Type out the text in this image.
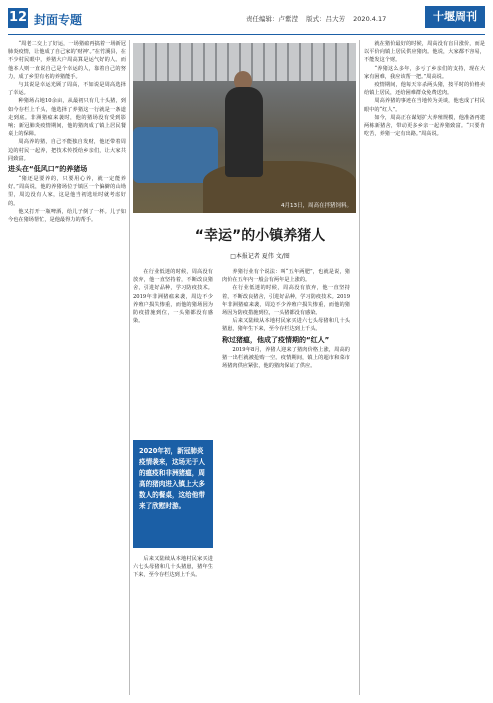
12 封面专题	责任编辑：卢紫滢 版式：吕大芳 2020.4.17	十堰周刊

“周老二交上了好运，一场猪瘟再搞着一场新冠肺炎疫情，让他成了自己家的‘财神’。”在竹溪县，在不少村民眼中，养猪大户周高算是运气好的人。而他本人则一直说自己是个幸运的人，靠着自己的努力，成了乡里有名的养猪能手。

与其说是幸运光顾了周高，不如说是周高选择了幸运。

种猪场占地10余亩，从最初只有几十头猪，到如今存栏上千头，他选择了养猪这一行就是一条道走到底。非洲猪瘟来袭时，他的猪场没有受到影响；新冠肺炎疫情期间，他的猪肉成了镇上居民餐桌上的保障。

周高养的猪，自己不能独自发财，他还带着周边的村民一起养，把技术传授给乡亲们，让大家共同致富。

进头在“低风口”的养猪场

“猪还是要养的，只要用心养，就一定能养好。”周高说，他的养猪场位于镇区一个偏僻的山坳里，周边没有人家，这是他当初选址时就考虑好的。

他又打开一瓶啤酒，给儿子倒了一杯。儿子如今也在猪场帮忙，是他最得力的帮手。

4月13日，周高在拌猪饲料。
“幸运”的小镇养猪人
□本报记者 夏伟 文/图

养猪行业有个说法：叫“五年两肥”，也就是说，猪肉价在五年内一般会有两年是上涨的。

在行业低迷的时候，周高没有放弃，他一直坚持着，不断改良猪舍，引进好品种，学习防疫技术。2019年非洲猪瘟来袭，周边不少养殖户损失惨重，而他的猪场因为防疫措施到位，一头猪都没有感染。

后来又陆续从本地村民家买进六七头母猪和几十头猪崽，猪年生下来，至今存栏达到上千头。

称过猪瘟，他成了疫情期的“红人”

2019年8月，养猪人迎来了猪肉价格上涨，周高的猪一出栏就被抢购一空。疫情期间，镇上的超市和菜市场猪肉供应紧张，他的猪肉保证了供应。

2020年初，新冠肺炎疫情袭来，这场无于人的瘟疫和非洲猪瘟，周高的猪肉进入镇上大多数人的餐桌，这给他带来了欣慰时游。

在行业低迷的时候，周高没有放弃，他一直坚持着，不断改良猪舍，引进好品种，学习防疫技术。2019年非洲猪瘟来袭，周边不少养殖户损失惨重，而他的猪场因为防疫措施到位，一头猪都没有感染。

后来又陆续从本地村民家买进六七头母猪和几十头猪崽，猪年生下来，至今存栏达到上千头。

就在猪价最好的时候，周高没有盲目涨价，而是以平价向镇上居民供应猪肉。他说，大家都不容易，不能发这个财。

“养猪这么多年，多亏了乡亲们的支持，现在大家有困难，我应该帮一把。”周高说。

疫情期间，他每天宰杀两头猪，按平时的价格卖给镇上居民，还给困难群众免费送肉。

周高养猪的事迹在当地传为美谈，他也成了村民眼中的“红人”。

如今，周高正在谋划扩大养殖规模，他准备再建两栋新猪舍，带动更多乡亲一起养猪致富。“只要肯吃苦，养猪一定有出路。”周高说。
